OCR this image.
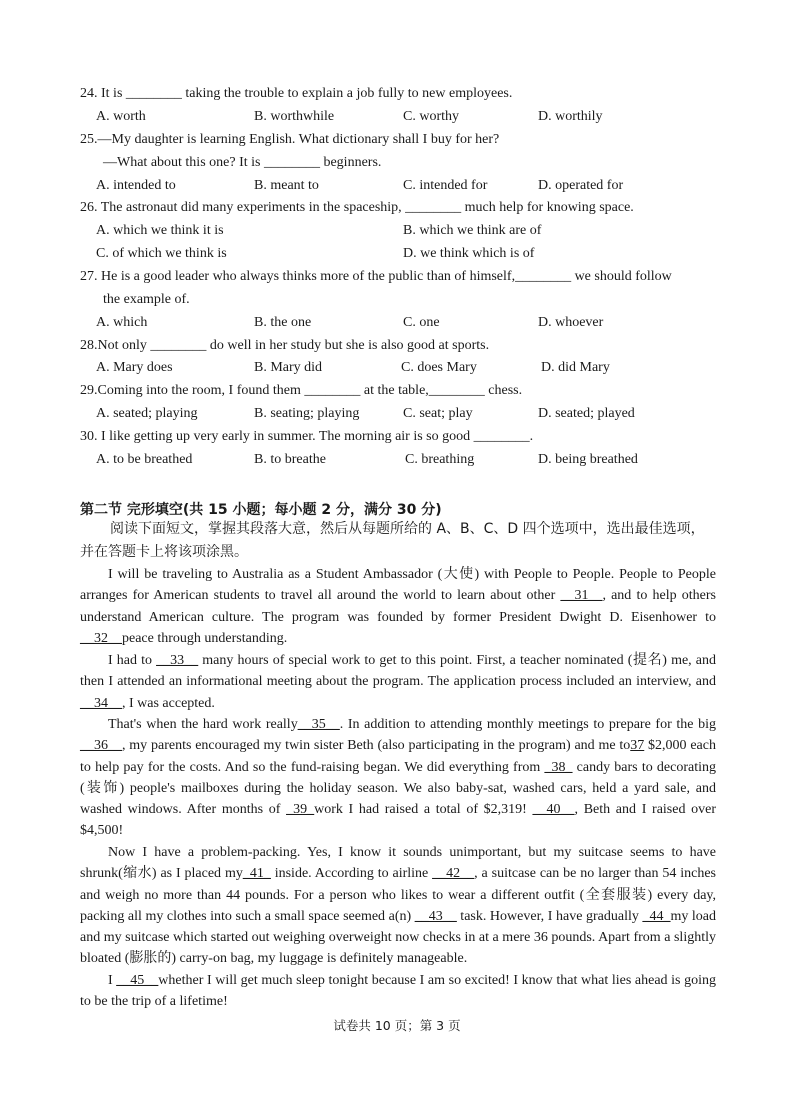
24. It is ________ taking the trouble to explain a job fully to new employees.
A. worth	B. worthwhile	C. worthy	D. worthily
25.—My daughter is learning English. What dictionary shall I buy for her?
—What about this one? It is ________ beginners.
A. intended to	B. meant to	C. intended for	D. operated for
26. The astronaut did many experiments in the spaceship, ________ much help for knowing space.
A. which we think it is	B. which we think are of
C. of which we think is	D. we think which is of
27. He is a good leader who always thinks more of the public than of himself,________ we should follow
the example of.
A. which	B. the one	C. one	D. whoever
28.Not only ________ do well in her study but she is also good at sports.
A. Mary does	B. Mary did	C. does Mary	D. did Mary
29.Coming into the room, I found them ________ at the table,________ chess.
A. seated; playing	B. seating; playing	C. seat; play	D. seated; played
30. I like getting up very early in summer. The morning air is so good ________.
A. to be breathed	B. to breathe	C. breathing	D. being breathed
第二节 完形填空(共 15 小题；每小题 2 分，满分 30 分)
阅读下面短文，掌握其段落大意，然后从每题所给的 A、B、C、D 四个选项中，选出最佳选项，并在答题卡上将该项涂黑。
I will be traveling to Australia as a Student Ambassador (大使) with People to People. People to People arranges for American students to travel all around the world to learn about other __31__, and to help others understand American culture. The program was founded by former President Dwight D. Eisenhower to __32__peace through understanding.
I had to __33__ many hours of special work to get to this point. First, a teacher nominated (提名) me, and then I attended an informational meeting about the program. The application process included an interview, and __34__, I was accepted.
That's when the hard work really__35__. In addition to attending monthly meetings to prepare for the big __36__, my parents encouraged my twin sister Beth (also participating in the program) and me to37 $2,000 each to help pay for the costs. And so the fund-raising began. We did everything from _38_ candy bars to decorating (装饰) people's mailboxes during the holiday season. We also baby-sat, washed cars, held a yard sale, and washed windows. After months of _39_work I had raised a total of $2,319! __40__, Beth and I raised over $4,500!
Now I have a problem-packing. Yes, I know it sounds unimportant, but my suitcase seems to have shrunk(缩水) as I placed my_41_ inside. According to airline __42__, a suitcase can be no larger than 54 inches and weigh no more than 44 pounds. For a person who likes to wear a different outfit (全套服装) every day, packing all my clothes into such a small space seemed a(n) __43__ task. However, I have gradually _44_my load and my suitcase which started out weighing overweight now checks in at a mere 36 pounds. Apart from a slightly bloated (膨胀的) carry-on bag, my luggage is definitely manageable.
I __45__whether I will get much sleep tonight because I am so excited! I know that what lies ahead is going to be the trip of a lifetime!
试卷共 10 页；第 3 页
